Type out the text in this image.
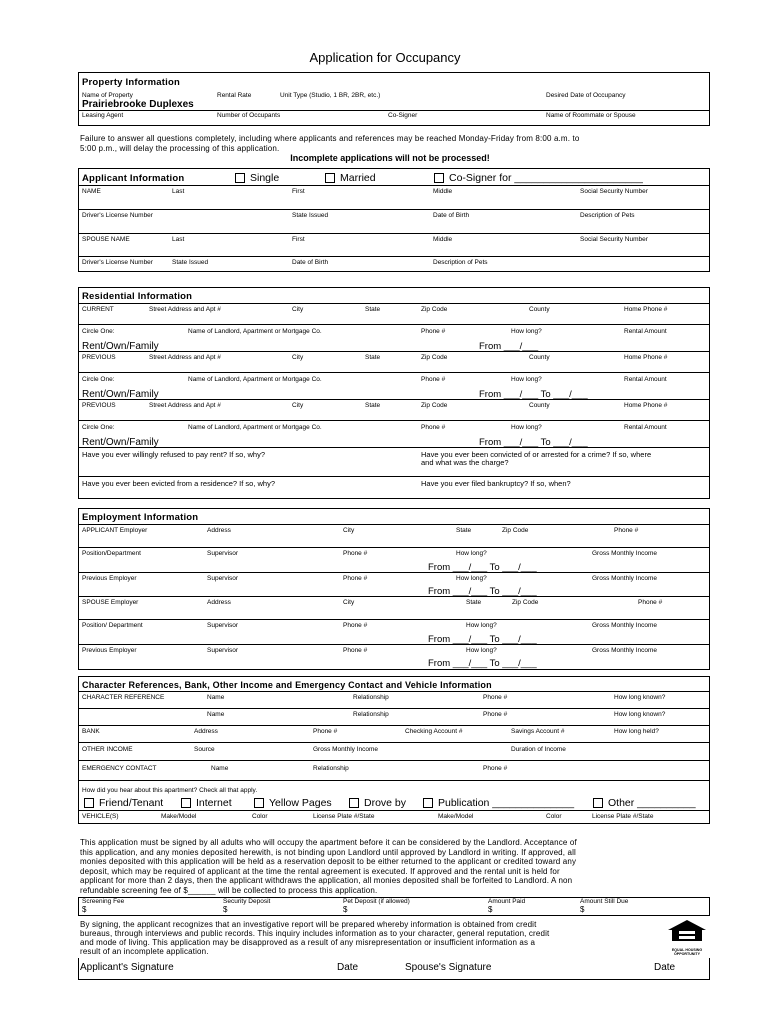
Application for Occupancy
Property Information
Name of Property	Rental Rate	Unit Type (Studio, 1 BR, 2BR, etc.)	Desired Date of Occupancy
Prairiebrooke Duplexes
Leasing Agent	Number of Occupants	Co-Signer	Name of Roommate or Spouse
Failure to answer all questions completely, including where applicants and references may be reached Monday-Friday from 8:00 a.m. to
5:00 p.m., will delay the processing of this application.
Incomplete applications will not be processed!
Applicant Information	Single	Married	Co-Signer for ______________________
NAME	Last	First	Middle	Social Security Number
Driver's License Number	State Issued	Date of Birth	Description of Pets
SPOUSE NAME	Last	First	Middle	Social Security Number
Driver's License Number	State Issued	Date of Birth	Description of Pets
Residential Information
CURRENT	Street Address and Apt #	City	State	Zip Code	County	Home Phone #
Circle One:	Name of Landlord, Apartment or Mortgage Co.	Phone #	How long?	Rental Amount
Rent/Own/Family	From ___/___
PREVIOUS	Street Address and Apt #	City	State	Zip Code	County	Home Phone #
Circle One:	Name of Landlord, Apartment or Mortgage Co.	Phone #	How long?	Rental Amount
Rent/Own/Family	From ___/___ To ___/___
PREVIOUS	Street Address and Apt #	City	State	Zip Code	County	Home Phone #
Circle One:	Name of Landlord, Apartment or Mortgage Co.	Phone #	How long?	Rental Amount
Rent/Own/Family	From ___/___ To ___/___
Have you ever willingly refused to pay rent? If so, why?	Have you ever been convicted of or arrested for a crime? If so, where
and what was the charge?
Have you ever been evicted from a residence? If so, why?	Have you ever filed bankruptcy? If so, when?
Employment Information
APPLICANT Employer	Address	City	State	Zip Code	Phone #
Position/Department	Supervisor	Phone #	How long?	Gross Monthly Income
From ___/___ To ___/___
Previous Employer	Supervisor	Phone #	How long?	Gross Monthly Income
From ___/___ To ___/___
SPOUSE Employer	Address	City	State	Zip Code	Phone #
Position/ Department	Supervisor	Phone #	How long?	Gross Monthly Income
From ___/___ To ___/___
Previous Employer	Supervisor	Phone #	How long?	Gross Monthly Income
From ___/___ To ___/___
Character References, Bank, Other Income and Emergency Contact and Vehicle Information
CHARACTER REFERENCE	Name	Relationship	Phone #	How long known?
Name	Relationship	Phone #	How long known?
BANK	Address	Phone #	Checking Account #	Savings Account #	How long held?
OTHER INCOME	Source	Gross Monthly Income	Duration of Income
EMERGENCY CONTACT	Name	Relationship	Phone #
How did you hear about this apartment? Check all that apply.
Friend/Tenant	Internet	Yellow Pages	Drove by	Publication ______________	Other __________
VEHICLE(S)	Make/Model	Color	License Plate #/State	Make/Model	Color	License Plate #/State
This application must be signed by all adults who will occupy the apartment before it can be considered by the Landlord. Acceptance of
this application, and any monies deposited herewith, is not binding upon Landlord until approved by Landlord in writing. If approved, all
monies deposited with this application will be held as a reservation deposit to be either returned to the applicant or credited toward any
deposit, which may be required of applicant at the time the rental agreement is executed. If approved and the rental unit is held for
applicant for more than 2 days, then the applicant withdraws the application, all monies deposited shall be forfeited to Landlord. A non
refundable screening fee of $______ will be collected to process this application.
Screening Fee	Security Deposit	Pet Deposit (if allowed)	Amount Paid	Amount Still Due
$	$	$	$	$
By signing, the applicant recognizes that an investigative report will be prepared whereby information is obtained from credit
bureaus, through interviews and public records. This inquiry includes information as to your character, general reputation, credit
and mode of living. This application may be disapproved as a result of any misrepresentation or insufficient information as a
result of an incomplete application.	EQUAL HOUSING
OPPORTUNITY
Applicant's Signature	Date	Spouse's Signature	Date
